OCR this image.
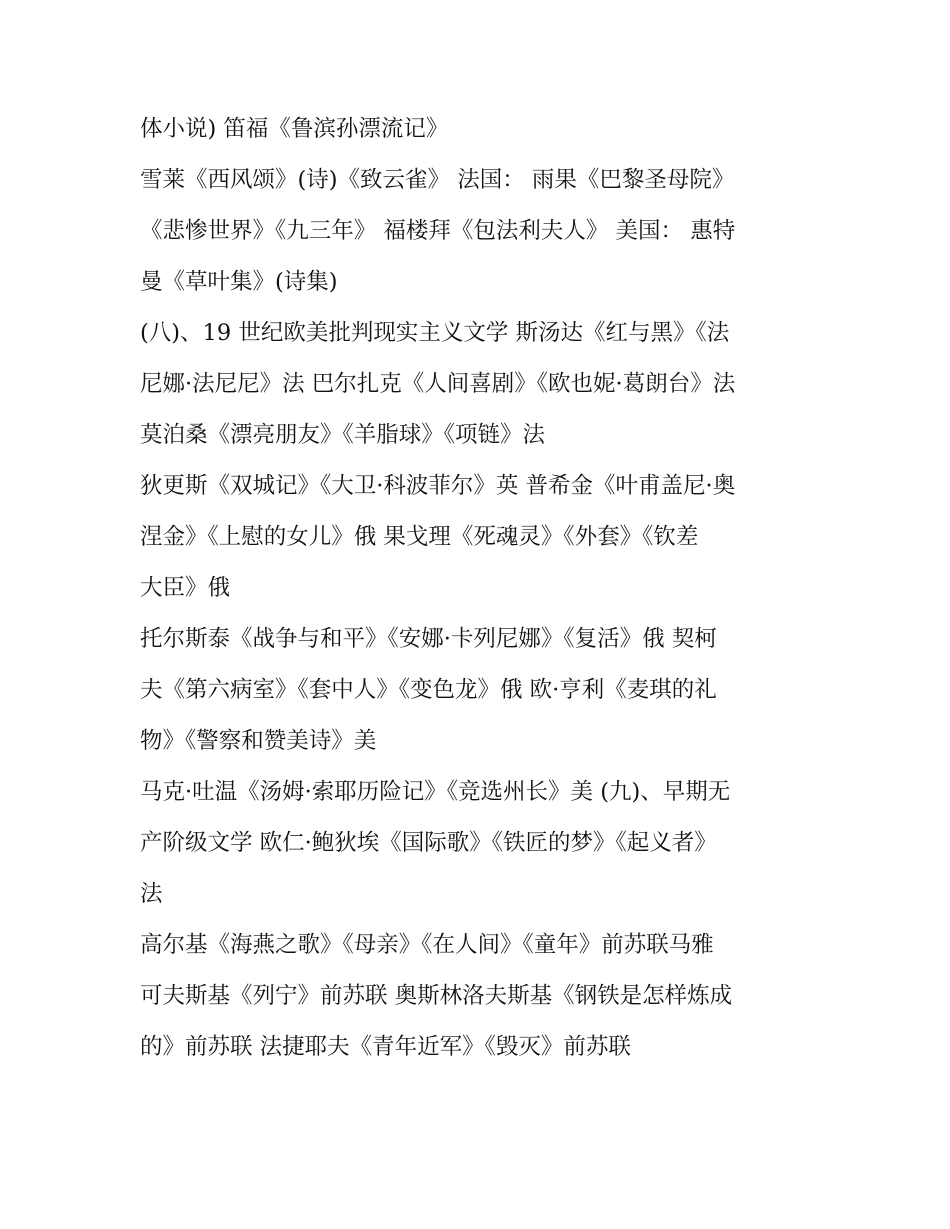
体小说) 笛福《鲁滨孙漂流记》
雪莱《西风颂》(诗)《致云雀》 法国： 雨果《巴黎圣母院》
《悲惨世界》《九三年》 福楼拜《包法利夫人》 美国： 惠特
曼《草叶集》(诗集)
(八)、19 世纪欧美批判现实主义文学 斯汤达《红与黑》《法
尼娜·法尼尼》法 巴尔扎克《人间喜剧》《欧也妮·葛朗台》法
莫泊桑《漂亮朋友》《羊脂球》《项链》法
狄更斯《双城记》《大卫·科波菲尔》英 普希金《叶甫盖尼·奥
涅金》《上慰的女儿》俄 果戈理《死魂灵》《外套》《钦差
大臣》俄
托尔斯泰《战争与和平》《安娜·卡列尼娜》《复活》俄 契柯
夫《第六病室》《套中人》《变色龙》俄 欧·亨利《麦琪的礼
物》《警察和赞美诗》美
马克·吐温《汤姆·索耶历险记》《竞选州长》美 (九)、早期无
产阶级文学 欧仁·鲍狄埃《国际歌》《铁匠的梦》《起义者》
法
高尔基《海燕之歌》《母亲》《在人间》《童年》前苏联马雅
可夫斯基《列宁》前苏联 奥斯林洛夫斯基《钢铁是怎样炼成
的》前苏联 法捷耶夫《青年近军》《毁灭》前苏联
